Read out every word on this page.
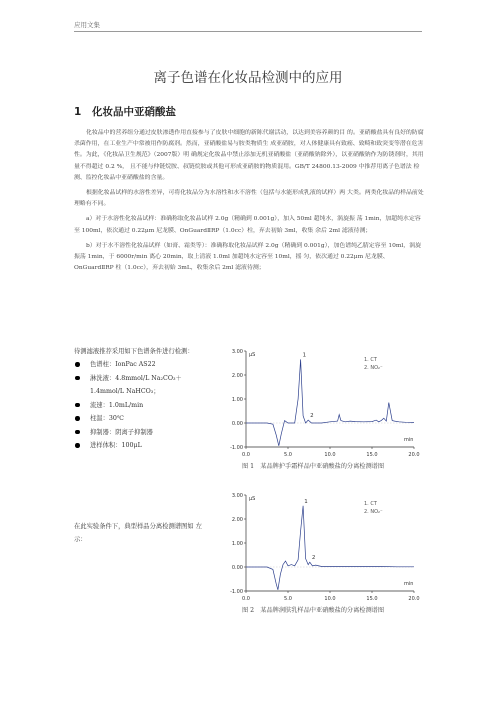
应用文集
离子色谱在化妆品检测中的应用
1 化妆品中亚硝酸盐

化妆品中的营养组分通过皮肤渗透作用直接参与了皮肤中细胞的新陈代谢活动，以达到美容养颜的目 的。亚硝酸盐具有良好的防腐杀菌作用，在工业生产中常被用作防腐剂。然而，亚硝酸盐易与胺类物质生 成亚硝胺，对人体健康具有致癌、致畸和致突变等潜在危害性。为此，《化妆品卫生规范》（2007版）明 确规定化妆品中禁止添加无机亚硝酸盐（亚硝酸钠除外），以亚硝酸钠作为防锈剂时，其用量不得超过 0.2 %， 且不能与仲链烷胺、叔链烷胺或其他可形成亚硝胺的物质混用。GB/T 24800.13-2009 中推荐用离子色谱法 检测、监控化妆品中亚硝酸盐的含量。

根据化妆品试样的水溶性差异，可将化妆品分为水溶性和水不溶性（包括与水能形成乳液的试样）两 大类。两类化妆品的样品前处理略有不同。

a）对于水溶性化妆品试样：准确称取化妆品试样 2.0g（精确到 0.001g），加入 50ml 超纯水，涡旋振 荡 1min，加超纯水定容至 100ml，依次通过 0.22μm 尼龙膜、OnGuardⅡRP（1.0cc）柱，弃去初始 3ml，收集 余后 2ml 滤液待测；

b）对于水不溶性化妆品试样（如膏、霜类等）：准确称取化妆品试样 2.0g（精确到 0.001g），加色谱纯乙腈定容至 10ml，涡旋振荡 1min，于 6000r/min 离心 20min，取上清液 1.0ml 加超纯水定容至 10ml，摇 匀，依次通过 0.22μm 尼龙膜、OnGuardⅡRP 柱（1.0cc），弃去初始 3mL，收集余后 2ml 滤液待测；

待测滤液推荐采用如下色谱条件进行检测：
色谱柱：IonPac AS22
淋洗液：4.8mmol/L Na₂CO₃＋
1.4mmol/L NaHCO₃；
流速：1.0mL/min
柱温：30℃
抑制器：阴离子抑制器
进样体积：100μL
在此实验条件下，典型样品分离检测谱图如 左示：
3.00
2.00
1.00
0.00
-1.00
0.0	5.0	10.0	15.0	20.0
µS
min
1
2
1. CT
2. NO₂⁻
图 1　某品牌护手霜样品中亚硝酸盐的分离检测谱图
3.00
2.00
1.00
0.00
-1.00
0.0	5.0	10.0	15.0	20.0
µS
min
1
2
1. CT
2. NO₂⁻
图 2　某品牌润肤乳样品中亚硝酸盐的分离检测谱图
